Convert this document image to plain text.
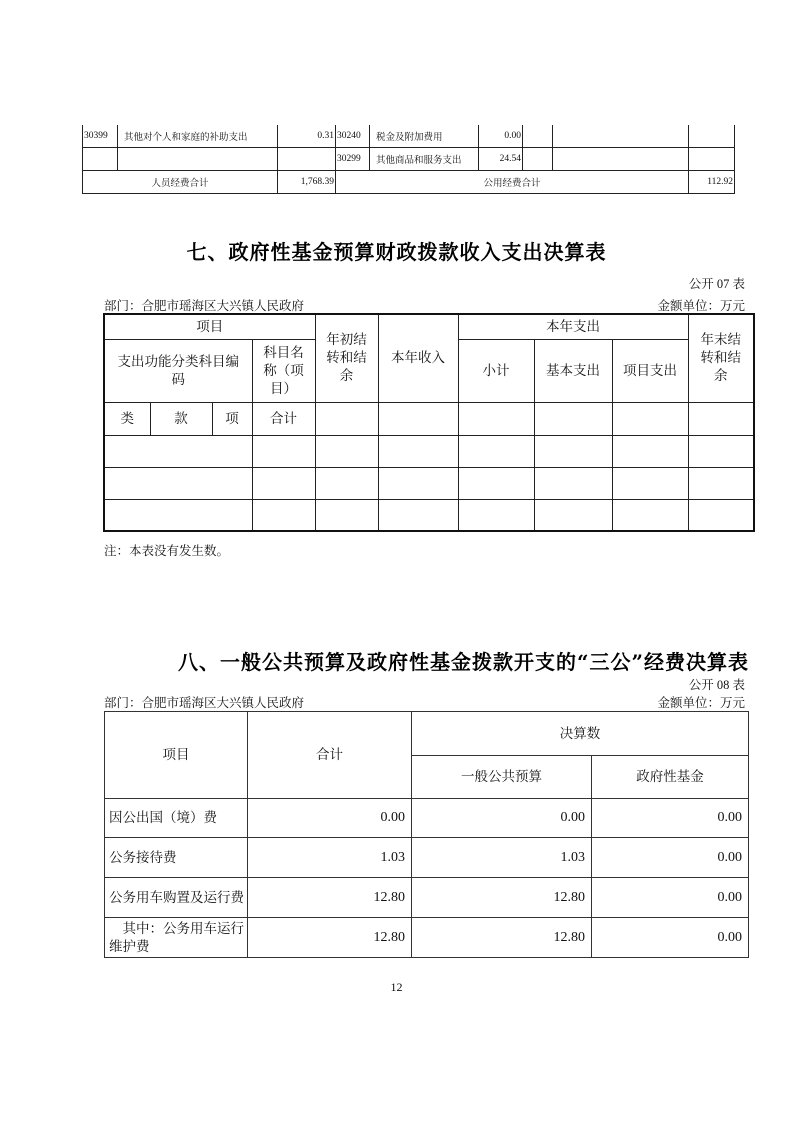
30399	其他对个人和家庭的补助支出	0.31	30240	税金及附加费用	0.00			
			30299	其他商品和服务支出	24.54			
人员经费合计		1,768.39	公用经费合计					112.92
七、政府性基金预算财政拨款收入支出决算表
公开 07 表
部门：合肥市瑶海区大兴镇人民政府	金额单位：万元
项目				年初结转和结余	本年收入	本年支出			年末结转和结余
支出功能分类科目编码			科目名称（项目）			小计	基本支出	项目支出	
类	款	项	合计						

注：本表没有发生数。
八、一般公共预算及政府性基金拨款开支的“三公”经费决算表
公开 08 表
部门：合肥市瑶海区大兴镇人民政府	金额单位：万元
项目	合计	决算数	
		一般公共预算	政府性基金
因公出国（境）费	0.00	0.00	0.00
公务接待费	1.03	1.03	0.00
公务用车购置及运行费	12.80	12.80	0.00
　其中：公务用车运行维护费	12.80	12.80	0.00
12
